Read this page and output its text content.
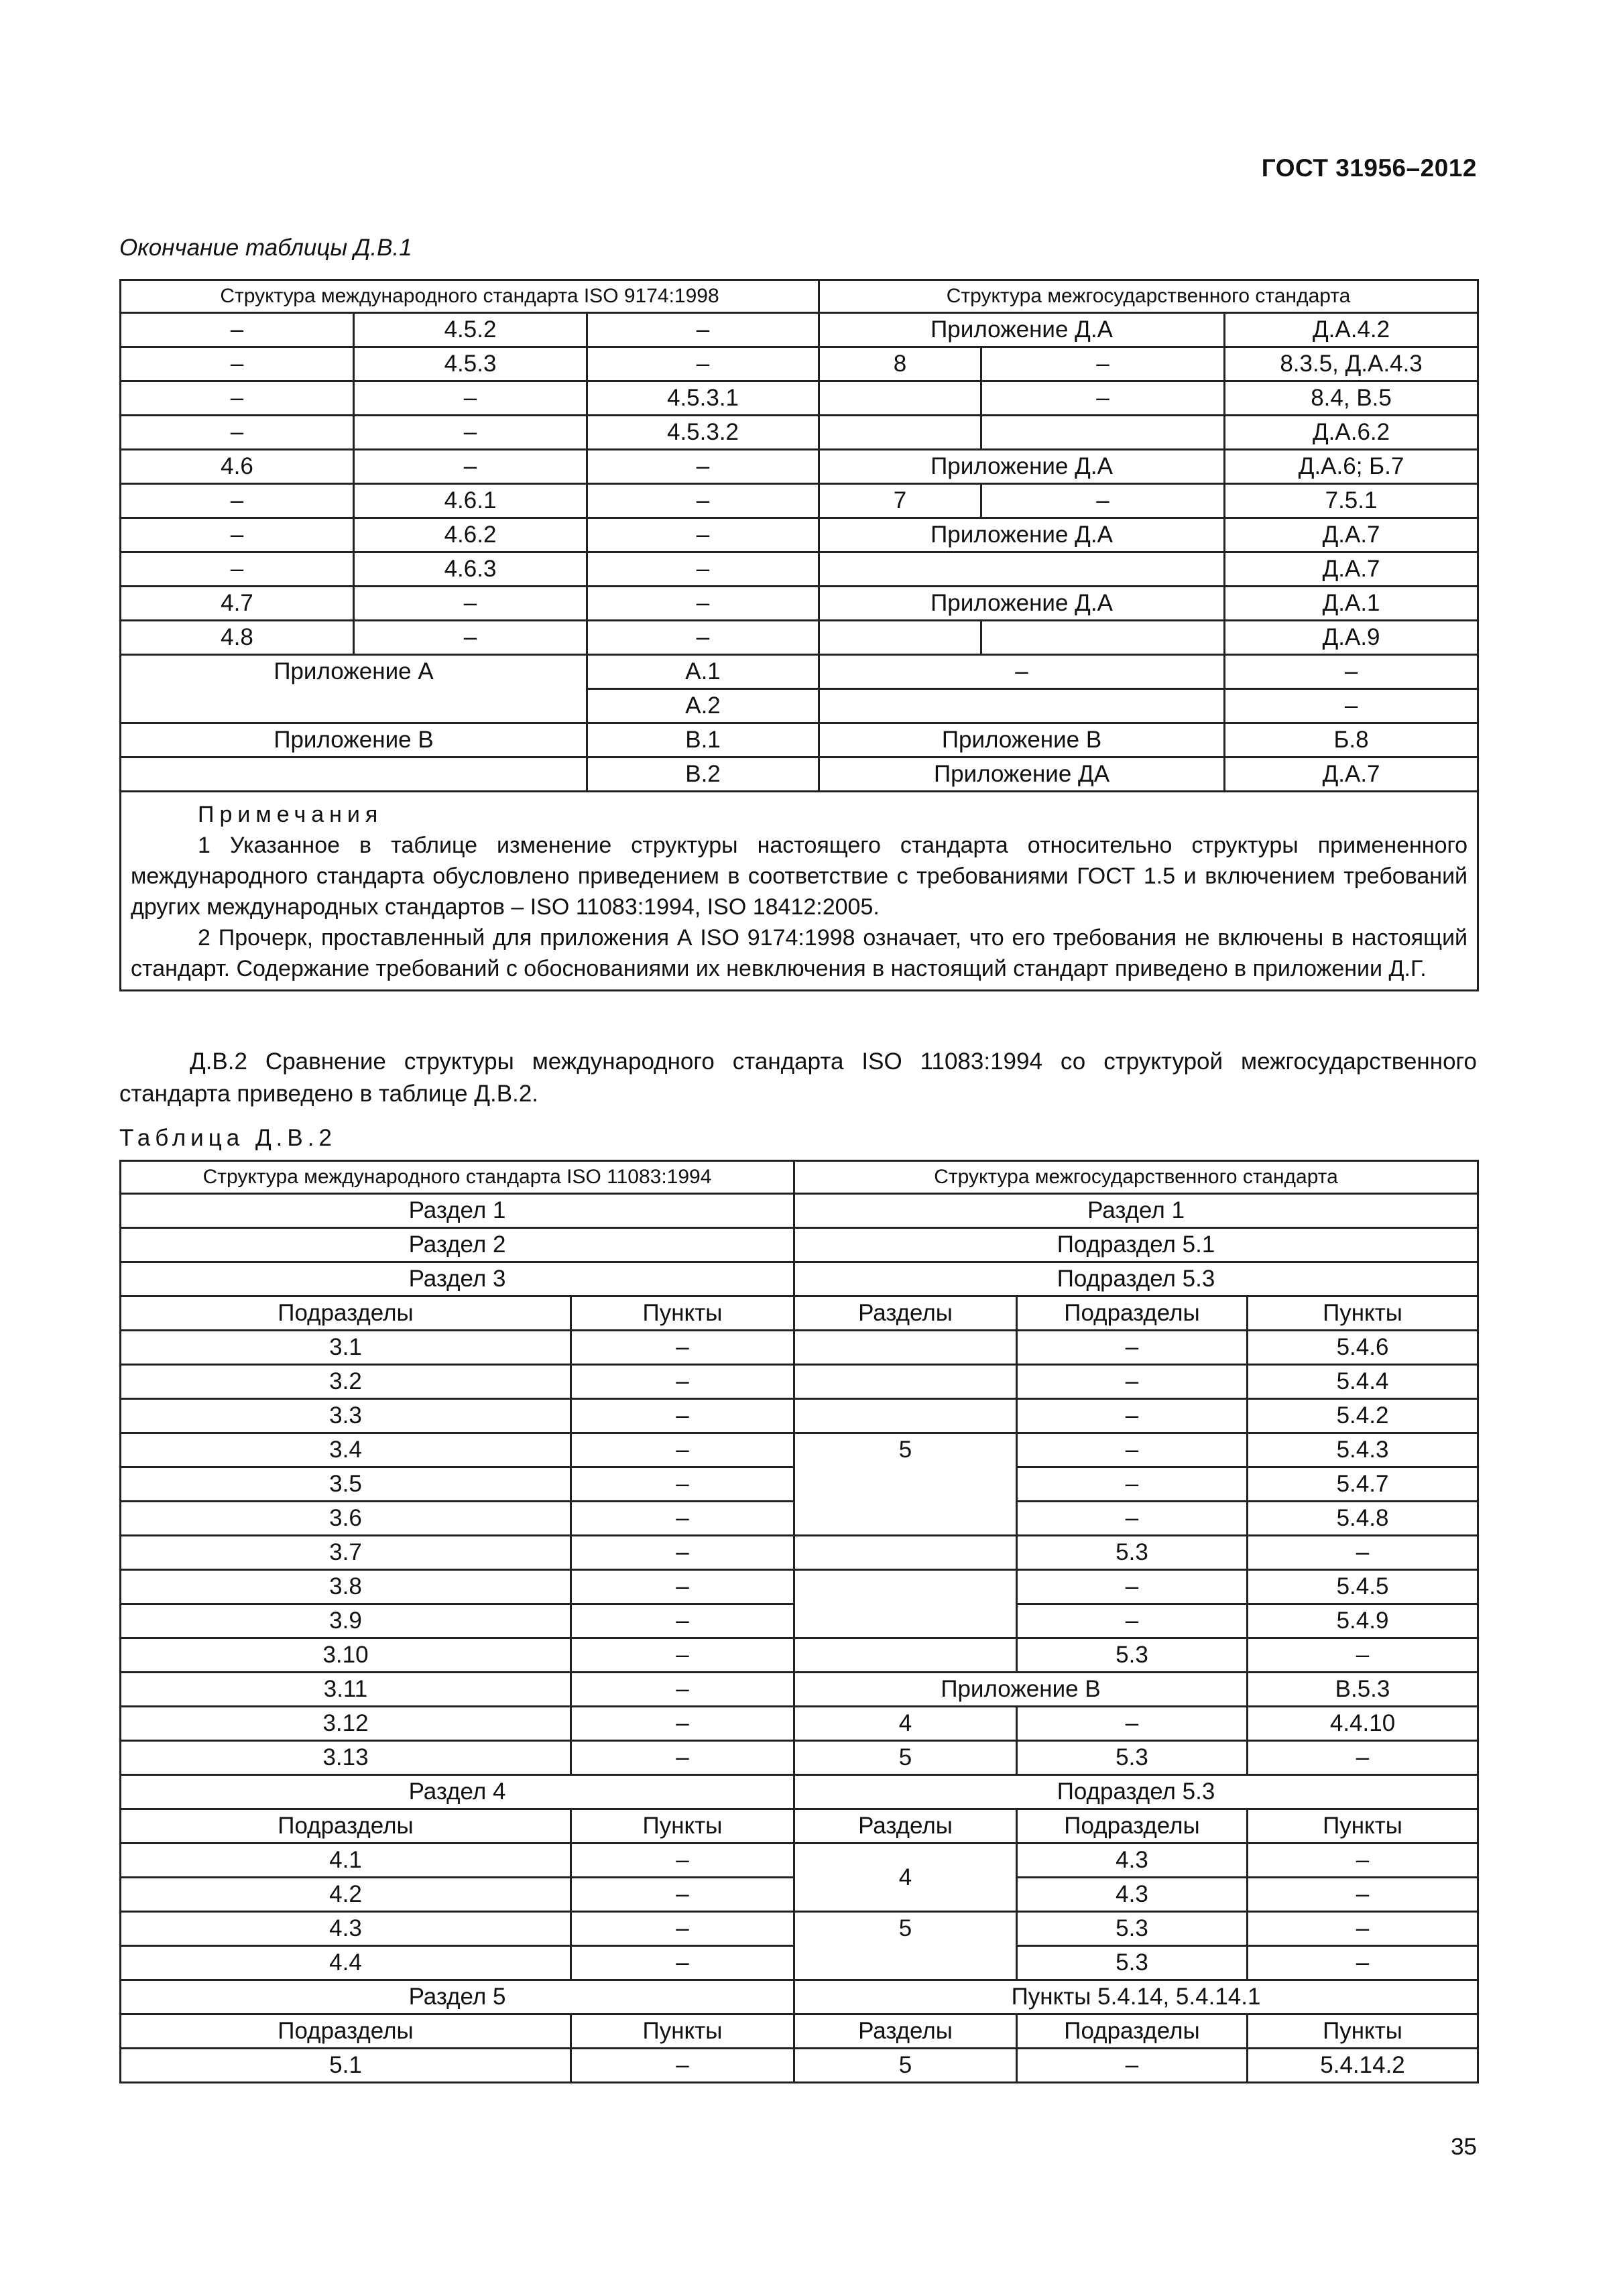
ГОСТ 31956–2012
Окончание таблицы Д.В.1
Структура международного стандарта ISO 9174:1998			Структура межгосударственного стандарта		
–	4.5.2	–	Приложение Д.А		Д.А.4.2
–	4.5.3	–	8	–	8.3.5, Д.А.4.3
–	–	4.5.3.1		–	8.4, В.5
–	–	4.5.3.2			Д.А.6.2
4.6	–	–	Приложение Д.А		Д.А.6; Б.7
–	4.6.1	–	7	–	7.5.1
–	4.6.2	–	Приложение Д.А		Д.А.7
–	4.6.3	–			Д.А.7
4.7	–	–	Приложение Д.А		Д.А.1
4.8	–	–			Д.А.9
Приложение А		А.1	–		–
		А.2			–
Приложение В		В.1	Приложение В		Б.8
		В.2	Приложение ДА		Д.А.7

Примечания

1 Указанное в таблице изменение структуры настоящего стандарта относительно структуры примененного международного стандарта обусловлено приведением в соответствие с требованиями ГОСТ 1.5 и включением требований других международных стандартов – ISO 11083:1994, ISO 18412:2005.

2 Прочерк, проставленный для приложения А ISO 9174:1998 означает, что его требования не включены в настоящий стандарт. Содержание требований с обоснованиями их невключения в настоящий стандарт приведено в приложении Д.Г.					

Д.В.2 Сравнение структуры международного стандарта ISO 11083:1994 со структурой межгосударственного стандарта приведено в таблице Д.В.2.
Таблица Д.В.2
Структура международного стандарта ISO 11083:1994		Структура межгосударственного стандарта		
Раздел 1		Раздел 1		
Раздел 2		Подраздел 5.1		
Раздел 3		Подраздел 5.3		
Подразделы	Пункты	Разделы	Подразделы	Пункты
3.1	–		–	5.4.6
3.2	–		–	5.4.4
3.3	–		–	5.4.2
3.4	–	5	–	5.4.3
3.5	–		–	5.4.7
3.6	–		–	5.4.8
3.7	–		5.3	–
3.8	–		–	5.4.5
3.9	–		–	5.4.9
3.10	–		5.3	–
3.11	–	Приложение В		В.5.3
3.12	–	4	–	4.4.10
3.13	–	5	5.3	–
Раздел 4		Подраздел 5.3		
Подразделы	Пункты	Разделы	Подразделы	Пункты
4.1	–	4	4.3	–
4.2	–		4.3	–
4.3	–	5	5.3	–
4.4	–		5.3	–
Раздел 5		Пункты 5.4.14, 5.4.14.1		
Подразделы	Пункты	Разделы	Подразделы	Пункты
5.1	–	5	–	5.4.14.2
35
